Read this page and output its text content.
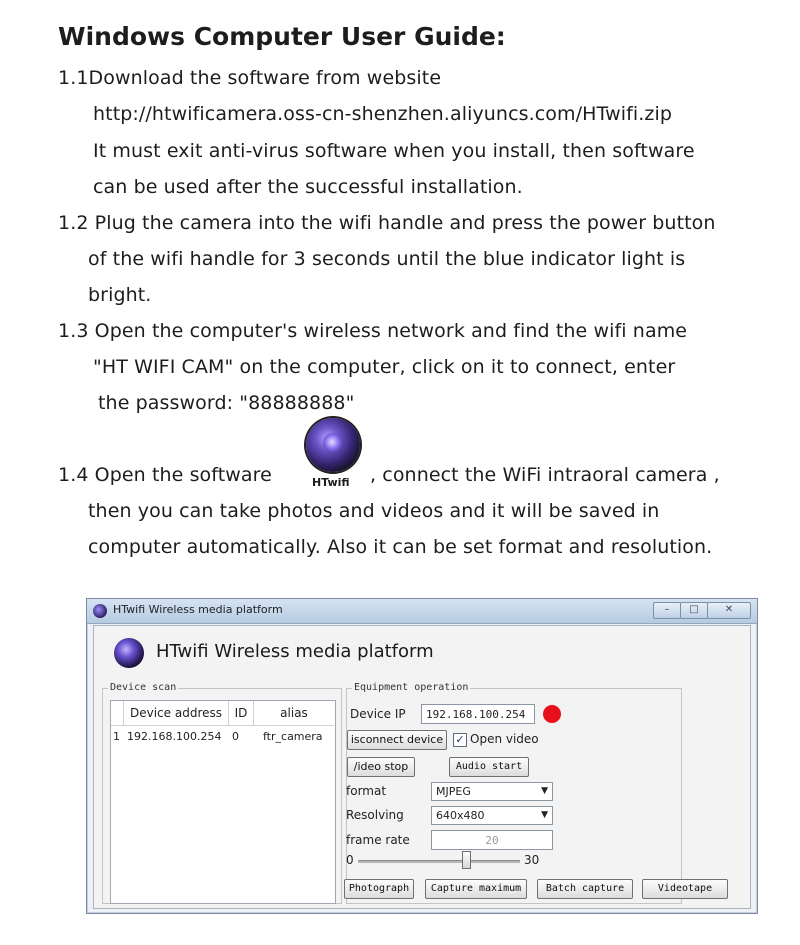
Windows Computer User Guide:
1.1Download the software from website
http://htwificamera.oss-cn-shenzhen.aliyuncs.com/HTwifi.zip
It must exit anti-virus software when you install, then software
can be used after the successful installation.
1.2 Plug the camera into the wifi handle and press the power button
of the wifi handle for 3 seconds until the blue indicator light is
bright.
1.3 Open the computer's wireless network and find the wifi name
"HT WIFI CAM" on the computer, click on it to connect, enter
the password: "88888888"
1.4 Open the software	HTwifi , connect the WiFi intraoral camera ,
then you can take photos and videos and it will be saved in
computer automatically. Also it can be set format and resolution.
HTwifi Wireless media platform	–	□	✕
HTwifi Wireless media platform
Device scan
Device address	ID	alias
1 192.168.100.254 0 ftr_camera
Equipment operation
Device IP	192.168.100.254
isconnect device	✓ Open video
/ideo stop	Audio start
format	MJPEG	▼
Resolving	640x480	▼
frame rate	20
0	30
Photograph	Capture maximum	Batch capture	Videotape
